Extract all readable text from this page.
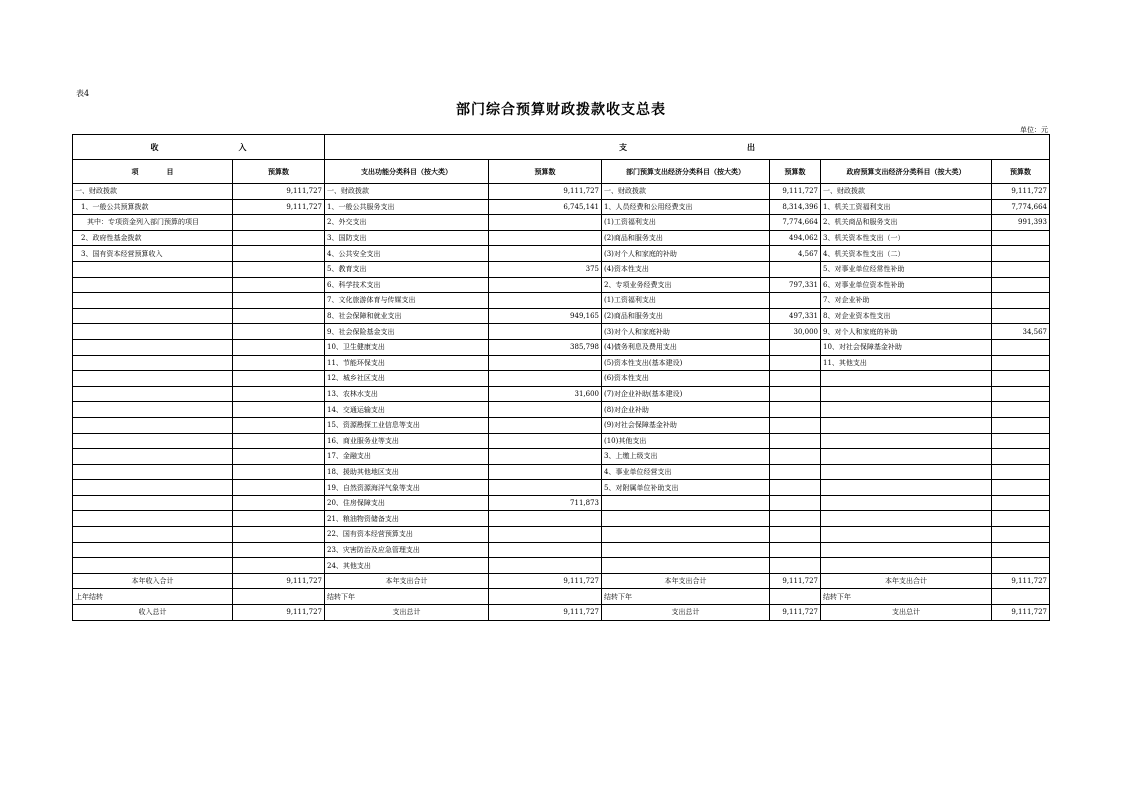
表4
部门综合预算财政拨款收支总表
单位：元
收 入		支 出					
项 目	预算数	支出功能分类科目（按大类）	预算数	部门预算支出经济分类科目（按大类）	预算数	政府预算支出经济分类科目（按大类）	预算数
一、财政拨款	9,111,727	一、财政拨款	9,111,727	一、财政拨款	9,111,727	一、财政拨款	9,111,727
1、一般公共预算拨款	9,111,727	1、一般公共服务支出	6,745,141	1、人员经费和公用经费支出	8,314,396	1、机关工资福利支出	7,774,664
其中：专项资金列入部门预算的项目		2、外交支出		(1)工资福利支出	7,774,664	2、机关商品和服务支出	991,393
2、政府性基金拨款		3、国防支出		(2)商品和服务支出	494,062	3、机关资本性支出（一）	
3、国有资本经营预算收入		4、公共安全支出		(3)对个人和家庭的补助	4,567	4、机关资本性支出（二）	
		5、教育支出	375	(4)资本性支出		5、对事业单位经常性补助	
		6、科学技术支出		2、专项业务经费支出	797,331	6、对事业单位资本性补助	
		7、文化旅游体育与传媒支出		(1)工资福利支出		7、对企业补助	
		8、社会保障和就业支出	949,165	(2)商品和服务支出	497,331	8、对企业资本性支出	
		9、社会保险基金支出		(3)对个人和家庭补助	30,000	9、对个人和家庭的补助	34,567
		10、卫生健康支出	385,798	(4)债务利息及费用支出		10、对社会保障基金补助	
		11、节能环保支出		(5)资本性支出(基本建设)		11、其他支出	
		12、城乡社区支出		(6)资本性支出			
		13、农林水支出	31,600	(7)对企业补助(基本建设)			
		14、交通运输支出		(8)对企业补助			
		15、资源勘探工业信息等支出		(9)对社会保障基金补助			
		16、商业服务业等支出		(10)其他支出			
		17、金融支出		3、上缴上级支出			
		18、援助其他地区支出		4、事业单位经营支出			
		19、自然资源海洋气象等支出		5、对附属单位补助支出			
		20、住房保障支出	711,873				
		21、粮油物资储备支出					
		22、国有资本经营预算支出					
		23、灾害防治及应急管理支出					
		24、其他支出					
本年收入合计	9,111,727	本年支出合计	9,111,727	本年支出合计	9,111,727	本年支出合计	9,111,727
上年结转		结转下年		结转下年		结转下年	
收入总计	9,111,727	支出总计	9,111,727	支出总计	9,111,727	支出总计	9,111,727
